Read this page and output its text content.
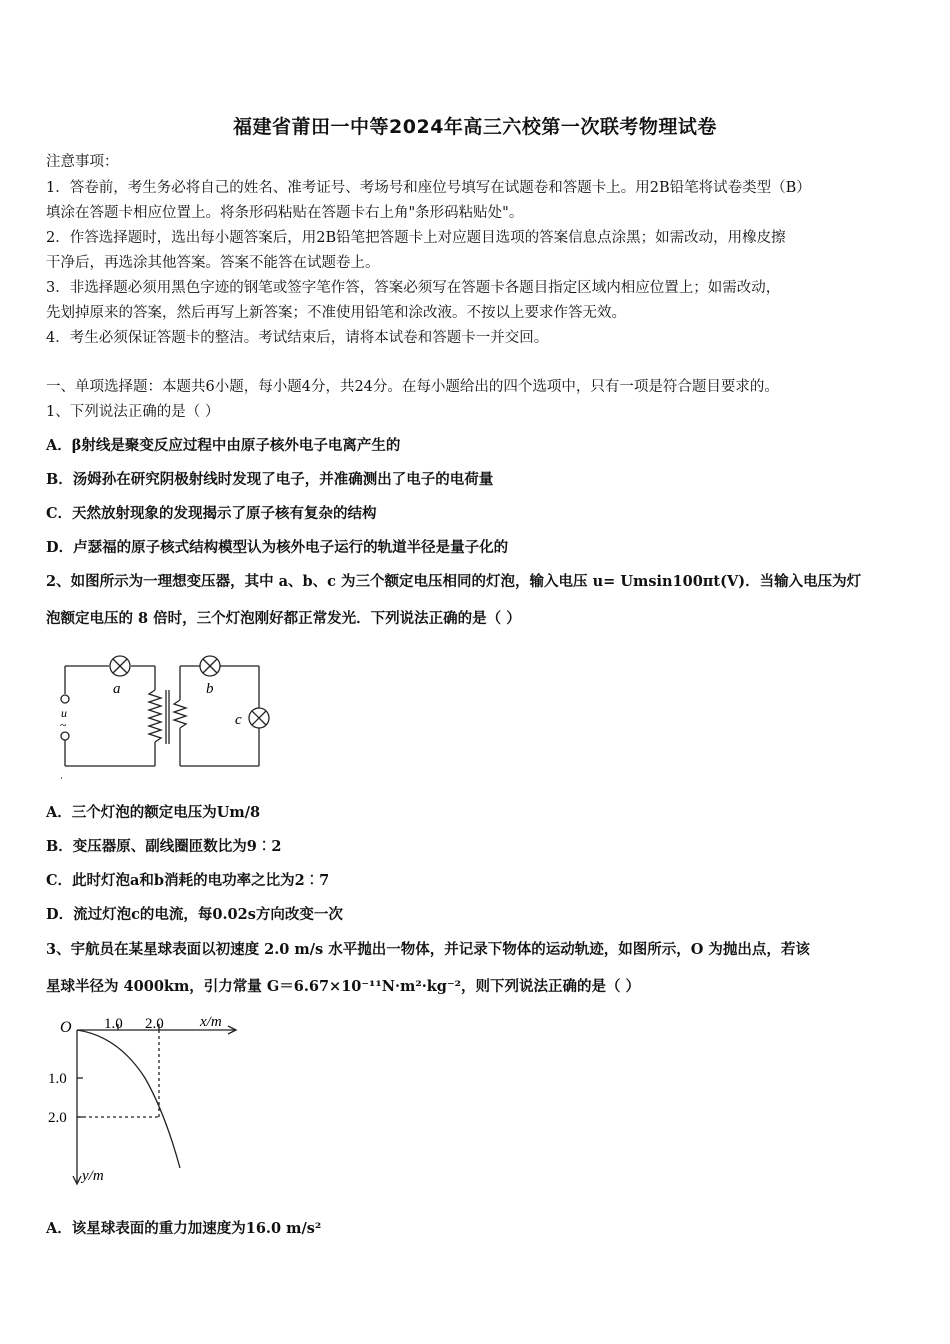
福建省莆田一中等2024年高三六校第一次联考物理试卷
注意事项：
1．答卷前，考生务必将自己的姓名、准考证号、考场号和座位号填写在试题卷和答题卡上。用2B铅笔将试卷类型（B）
填涂在答题卡相应位置上。将条形码粘贴在答题卡右上角"条形码粘贴处"。
2．作答选择题时，选出每小题答案后，用2B铅笔把答题卡上对应题目选项的答案信息点涂黑；如需改动，用橡皮擦
干净后，再选涂其他答案。答案不能答在试题卷上。
3．非选择题必须用黑色字迹的钢笔或签字笔作答，答案必须写在答题卡各题目指定区域内相应位置上；如需改动，
先划掉原来的答案，然后再写上新答案；不准使用铅笔和涂改液。不按以上要求作答无效。
4．考生必须保证答题卡的整洁。考试结束后，请将本试卷和答题卡一并交回。
一、单项选择题：本题共6小题，每小题4分，共24分。在每小题给出的四个选项中，只有一项是符合题目要求的。
1、下列说法正确的是（ ）
A．β射线是聚变反应过程中由原子核外电子电离产生的
B．汤姆孙在研究阴极射线时发现了电子，并准确测出了电子的电荷量
C．天然放射现象的发现揭示了原子核有复杂的结构
D．卢瑟福的原子核式结构模型认为核外电子运行的轨道半径是量子化的
2、如图所示为一理想变压器，其中 a、b、c 为三个额定电压相同的灯泡，输入电压 u= Umsin100πt(V)．当输入电压为灯
泡额定电压的 8 倍时，三个灯泡刚好都正常发光．下列说法正确的是（ ）
a	b
c
u
~
A．三个灯泡的额定电压为Um/8
B．变压器原、副线圈匝数比为9︰2
C．此时灯泡a和b消耗的电功率之比为2︰7
D．流过灯泡c的电流，每0.02s方向改变一次
3、宇航员在某星球表面以初速度 2.0 m/s 水平抛出一物体，并记录下物体的运动轨迹，如图所示，O 为抛出点，若该
星球半径为 4000km，引力常量 G＝6.67×10⁻¹¹N·m²·kg⁻²，则下列说法正确的是（ ）
O 1.0 2.0 x/m
1.0
2.0
y/m
A．该星球表面的重力加速度为16.0 m/s²
